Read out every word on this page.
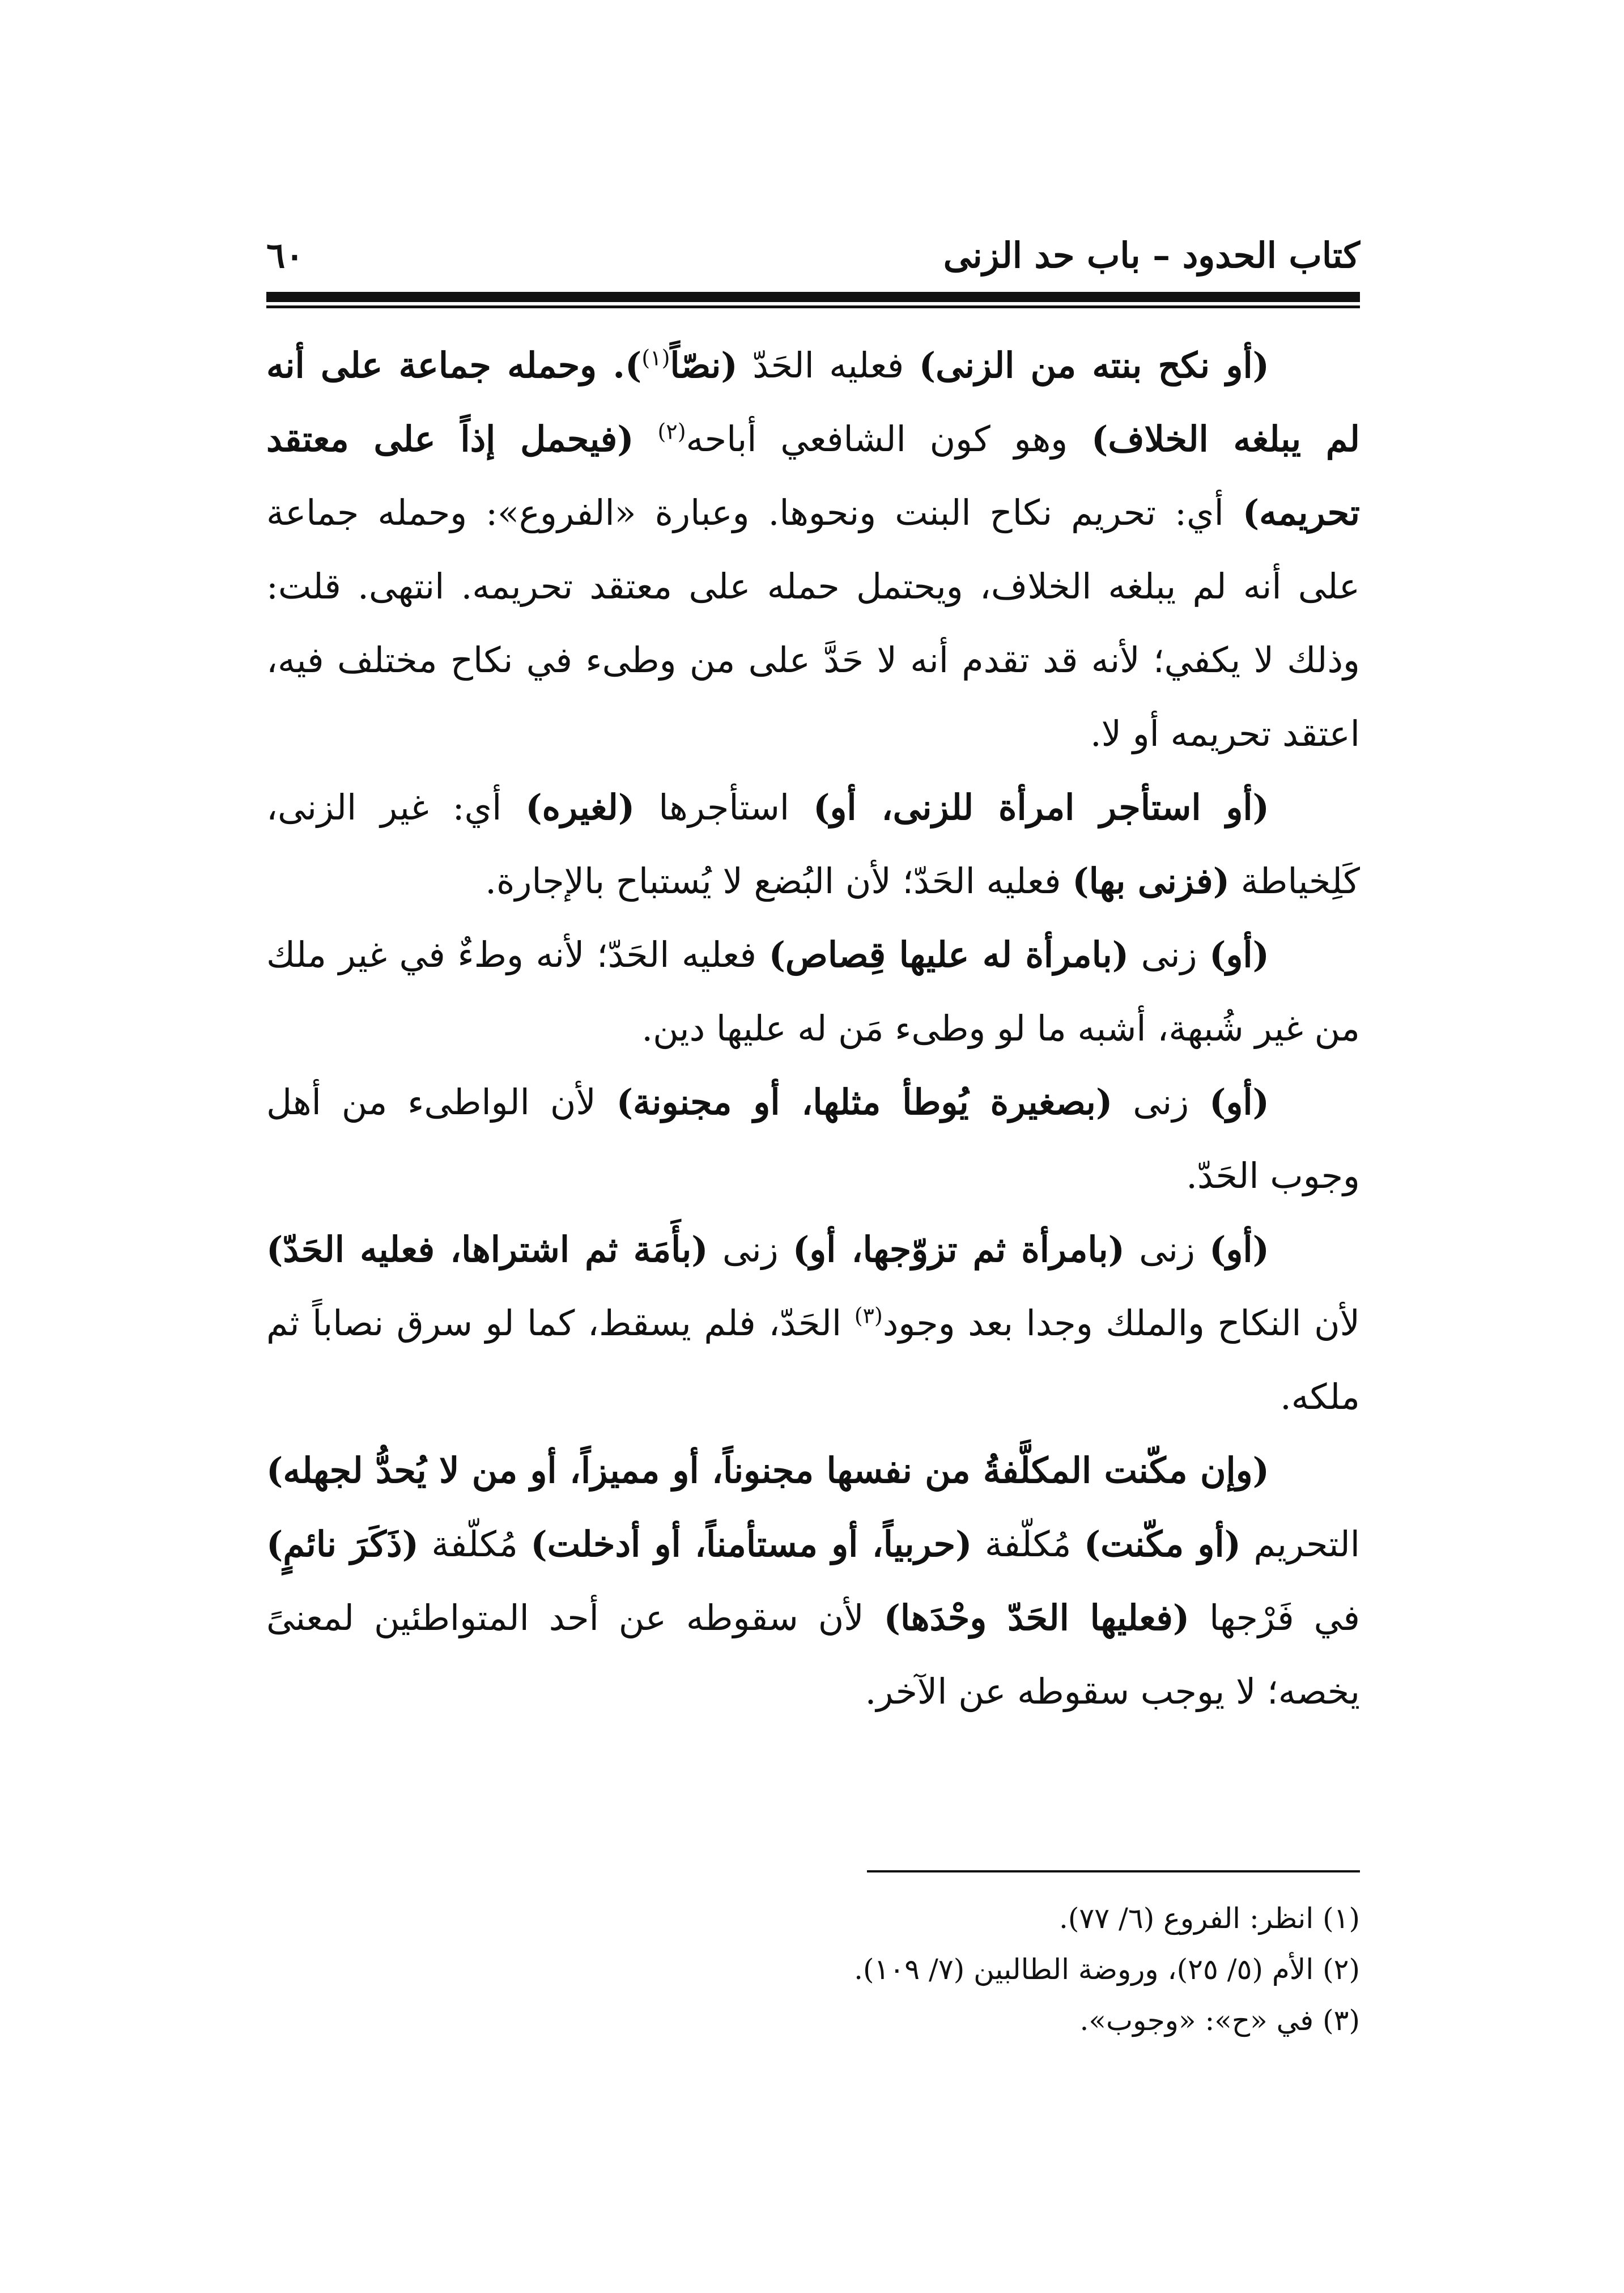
كتاب الحدود – باب حد الزنى
٦٠

(أو نكح بنته من الزنى) فعليه الحَدّ (نصّاً$^{(١)}$). وحمله جماعة على أنه لم يبلغه الخلاف) وهو كون الشافعي أباحه$^{(٢)}$ (فيحمل إذاً على معتقد تحريمه) أي: تحريم نكاح البنت ونحوها. وعبارة «الفروع»: وحمله جماعة على أنه لم يبلغه الخلاف، ويحتمل حمله على معتقد تحريمه. انتهى. قلت: وذلك لا يكفي؛ لأنه قد تقدم أنه لا حَدَّ على من وطىء في نكاح مختلف فيه، اعتقد تحريمه أو لا.

(أو استأجر امرأة للزنى، أو) استأجرها (لغيره) أي: غير الزنى، كَلِخياطة (فزنى بها) فعليه الحَدّ؛ لأن البُضع لا يُستباح بالإجارة.

(أو) زنى (بامرأة له عليها قِصاص) فعليه الحَدّ؛ لأنه وطءٌ في غير ملك من غير شُبهة، أشبه ما لو وطىء مَن له عليها دين.

(أو) زنى (بصغيرة يُوطأ مثلها، أو مجنونة) لأن الواطىء من أهل وجوب الحَدّ.

(أو) زنى (بامرأة ثم تزوّجها، أو) زنى (بأَمَة ثم اشتراها، فعليه الحَدّ) لأن النكاح والملك وجدا بعد وجود$^{(٣)}$ الحَدّ، فلم يسقط، كما لو سرق نصاباً ثم ملكه.

(وإن مكّنت المكلَّفةُ من نفسها مجنوناً، أو مميزاً، أو من لا يُحدُّ لجهله) التحريم (أو مكّنت) مُكلّفة (حربياً، أو مستأمناً، أو أدخلت) مُكلّفة (ذَكَرَ نائمٍ) في فَرْجها (فعليها الحَدّ وحْدَها) لأن سقوطه عن أحد المتواطئين لمعنىً يخصه؛ لا يوجب سقوطه عن الآخر.

(١) انظر: الفروع (٦/ ٧٧).
(٢) الأم (٥/ ٢٥)، وروضة الطالبين (٧/ ١٠٩).
(٣) في «ح»: «وجوب».
